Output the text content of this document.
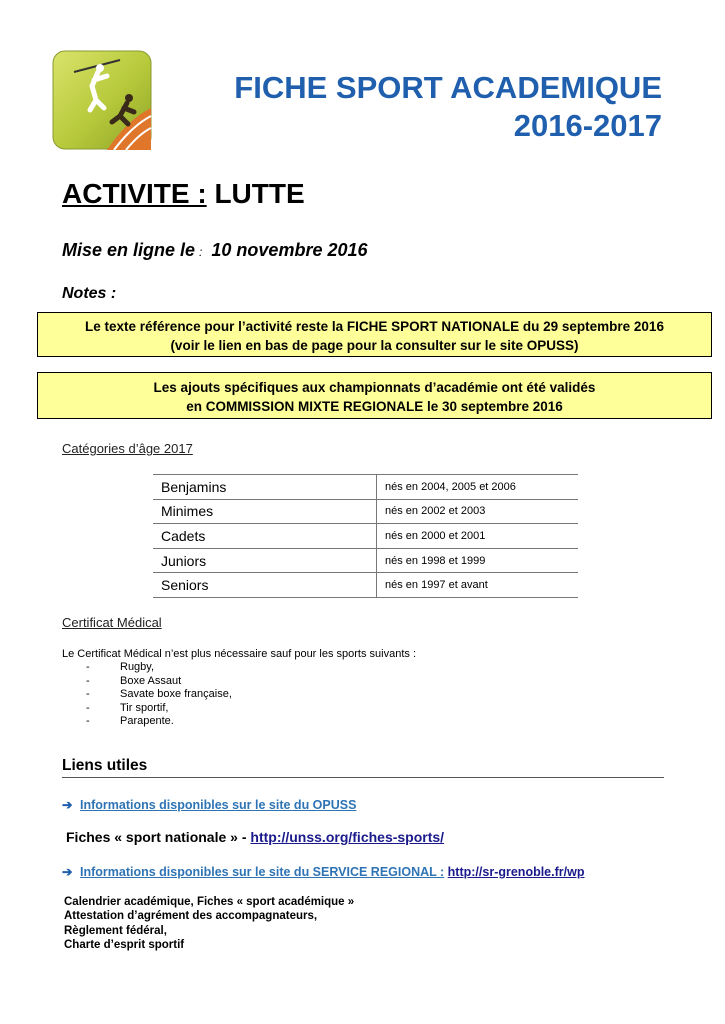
FICHE SPORT ACADEMIQUE
2016-2017
ACTIVITE : LUTTE
Mise en ligne le : 10 novembre 2016
Notes :
Le texte référence pour l’activité reste la FICHE SPORT NATIONALE du 29 septembre 2016
(voir le lien en bas de page pour la consulter sur le site OPUSS)
Les ajouts spécifiques aux championnats d’académie ont été validés
en COMMISSION MIXTE REGIONALE le 30 septembre 2016
Catégories d’âge 2017
Benjamins	nés en 2004, 2005 et 2006
Minimes	nés en 2002 et 2003
Cadets	nés en 2000 et 2001
Juniors	nés en 1998 et 1999
Seniors	nés en 1997 et avant
Certificat Médical
Le Certificat Médical n’est plus nécessaire sauf pour les sports suivants :
-	Rugby,
-	Boxe Assaut
-	Savate boxe française,
-	Tir sportif,
-	Parapente.
Liens utiles
➔ Informations disponibles sur le site du OPUSS
Fiches « sport nationale » - http://unss.org/fiches-sports/
➔ Informations disponibles sur le site du SERVICE REGIONAL : http://sr-grenoble.fr/wp
Calendrier académique, Fiches « sport académique »
Attestation d’agrément des accompagnateurs,
Règlement fédéral,
Charte d’esprit sportif
